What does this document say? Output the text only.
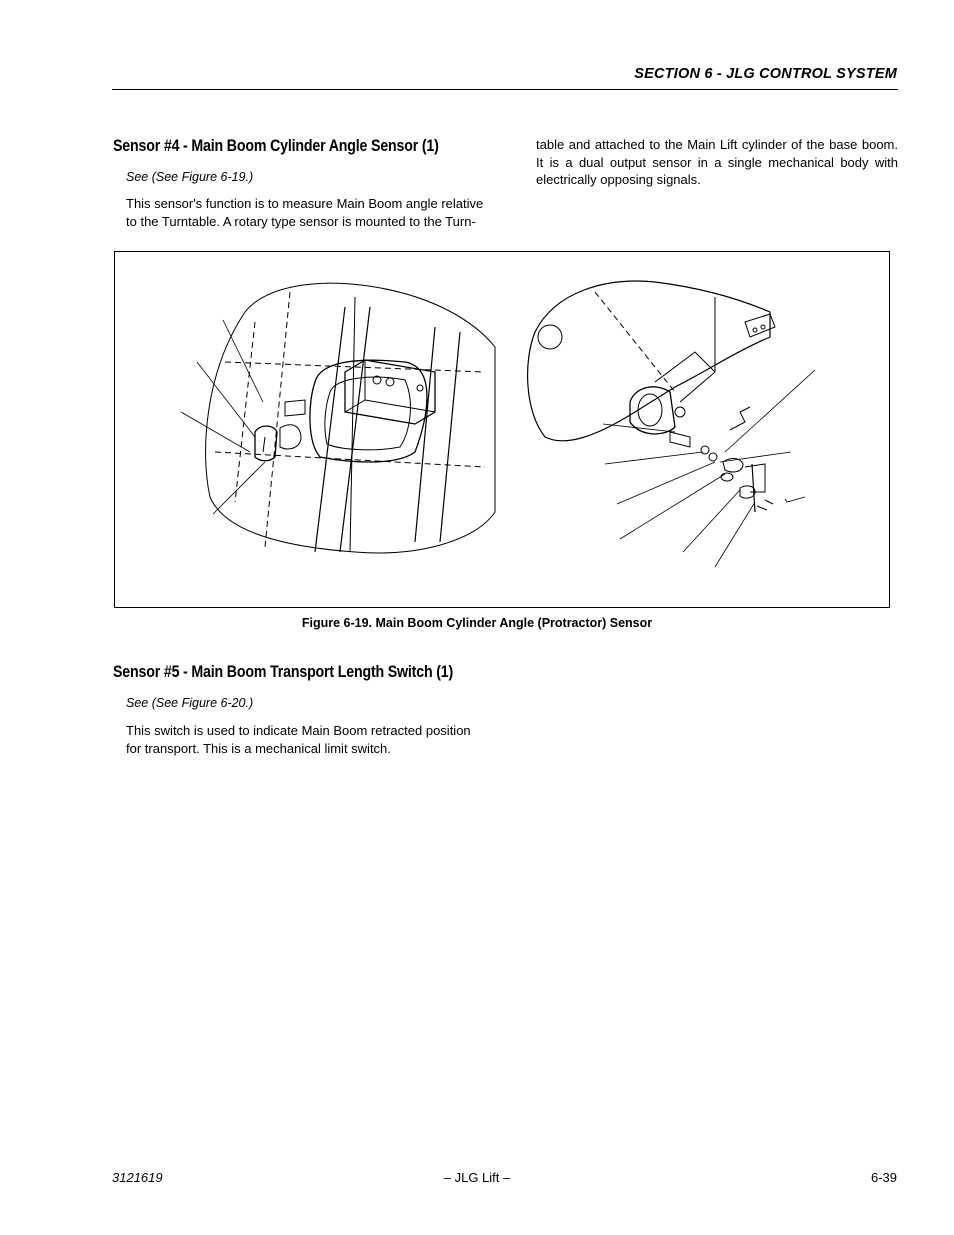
SECTION 6 - JLG CONTROL SYSTEM
Sensor #4 - Main Boom Cylinder Angle Sensor (1)
See (See Figure 6-19.)
This sensor's function is to measure Main Boom angle relative
to the Turntable. A rotary type sensor is mounted to the Turn-
table and attached to the Main Lift cylinder of the base boom.
It is a dual output sensor in a single mechanical body with
electrically opposing signals.
Figure 6-19. Main Boom Cylinder Angle (Protractor) Sensor
Sensor #5 - Main Boom Transport Length Switch (1)
See (See Figure 6-20.)
This switch is used to indicate Main Boom retracted position
for transport. This is a mechanical limit switch.
3121619	– JLG Lift –	6-39
